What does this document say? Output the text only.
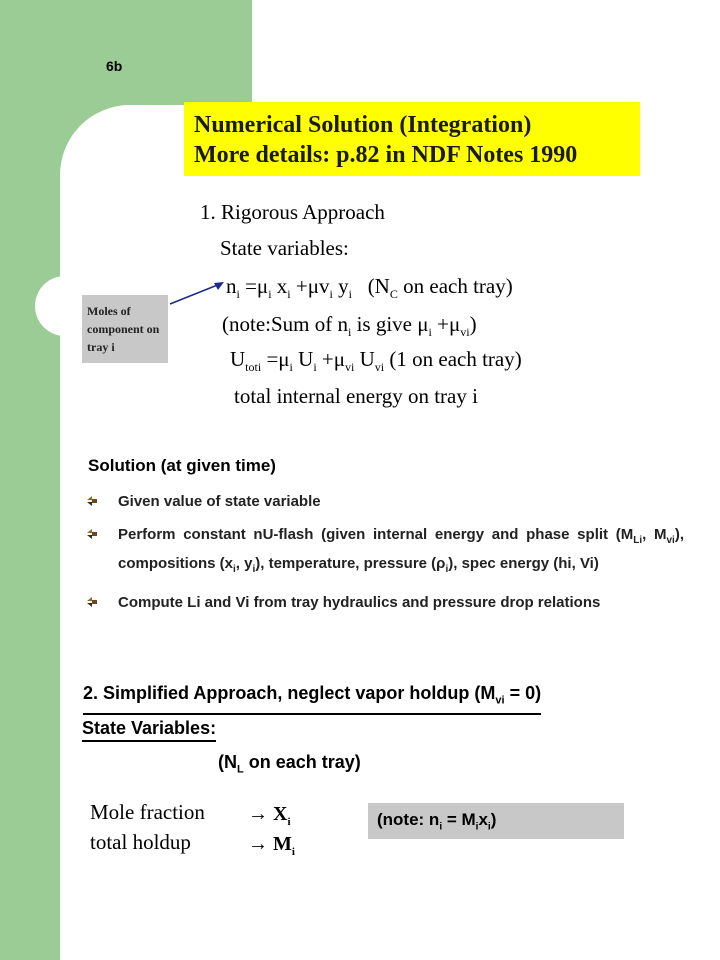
6b
Numerical Solution (Integration)
More details: p.82 in NDF Notes 1990
1. Rigorous Approach
State variables:
$n_i =\mu_i$ $x_i +\mu v_i$ $y_i$ ($N_C$ on each tray)
(note:Sum of $n_i$ is give $\mu_i +\mu_{vi}$)
$U_{toti} =\mu_i$ $U_i +\mu_{vi}$ $U_{vi}$ (1 on each tray)
total internal energy on tray i
Moles of component on tray i
Solution (at given time)
Given value of state variable
Perform constant nU-flash (given internal energy and phase split ($M_{Li}$, $M_{vi}$), compositions ($x_i$, $y_i$), temperature, pressure $(\rho_i)$, spec energy (hi, Vi)
Compute Li and Vi from tray hydraulics and pressure drop relations
2. Simplified Approach, neglect vapor holdup $(M_{vi} = 0)$
State Variables:
($N_L$ on each tray)
Mole fraction
total holdup
→ $X_i$
→ $M_i$
(note: $n_i = M_ix_i$)
